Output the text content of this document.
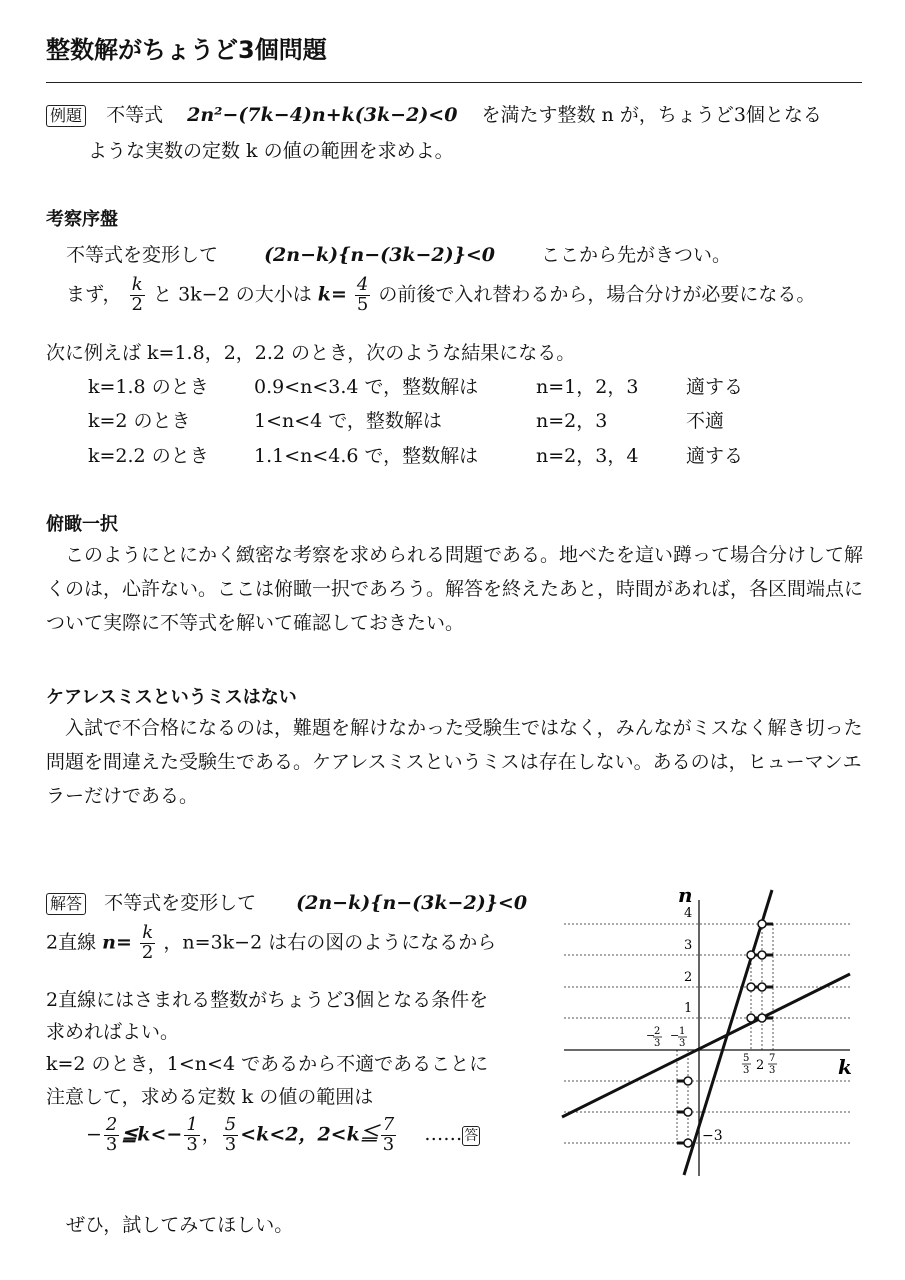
整数解がちょうど3個問題
例題 不等式 2n²−(7k−4)n+k(3k−2)<0 を満たす整数 n が，ちょうど3個となる
ような実数の定数 k の値の範囲を求めよ。
考察序盤
不等式を変形して (2n−k){n−(3k−2)}<0 ここから先がきつい。
まず， $\frac{k}{2}$ と 3k−2 の大小は $k= \frac{4}{5}$ の前後で入れ替わるから，場合分けが必要になる。
次に例えば k=1.8，2，2.2 のとき，次のような結果になる。
k=1.8 のとき 0.9<n<3.4 で，整数解は	n=1，2，3	適する
k=2 のとき	1<n<4 で，整数解は	n=2，3	不適
k=2.2 のとき 1.1<n<4.6 で，整数解は	n=2，3，4	適する
俯瞰一択
このようにとにかく緻密な考察を求められる問題である。地べたを這い蹲って場合分けして解くのは，心許ない。ここは俯瞰一択であろう。解答を終えたあと，時間があれば，各区間端点について実際に不等式を解いて確認しておきたい。
ケアレスミスというミスはない
入試で不合格になるのは，難題を解けなかった受験生ではなく，みんながミスなく解き切った問題を間違えた受験生である。ケアレスミスというミスは存在しない。あるのは，ヒューマンエラーだけである。
解答 不等式を変形して (2n−k){n−(3k−2)}<0
2直線 $n= \frac{k}{2}$ ，n=3k−2 は右の図のようになるから
2直線にはさまれる整数がちょうど3個となる条件を
求めればよい。
k=2 のとき，1<n<4 であるから不適であることに
注意して，求める定数 k の値の範囲は
− $\frac{2}{3}$ ≦k<− $\frac{1}{3}$ ， $\frac{5}{3} <k<2$，2<k≦ $\frac{7}{3}$ …… 答
ぜひ，試してみてほしい。
n
k
4
3
2
1
−3
−
2
3
− 1
3
5
3 2 7
3
